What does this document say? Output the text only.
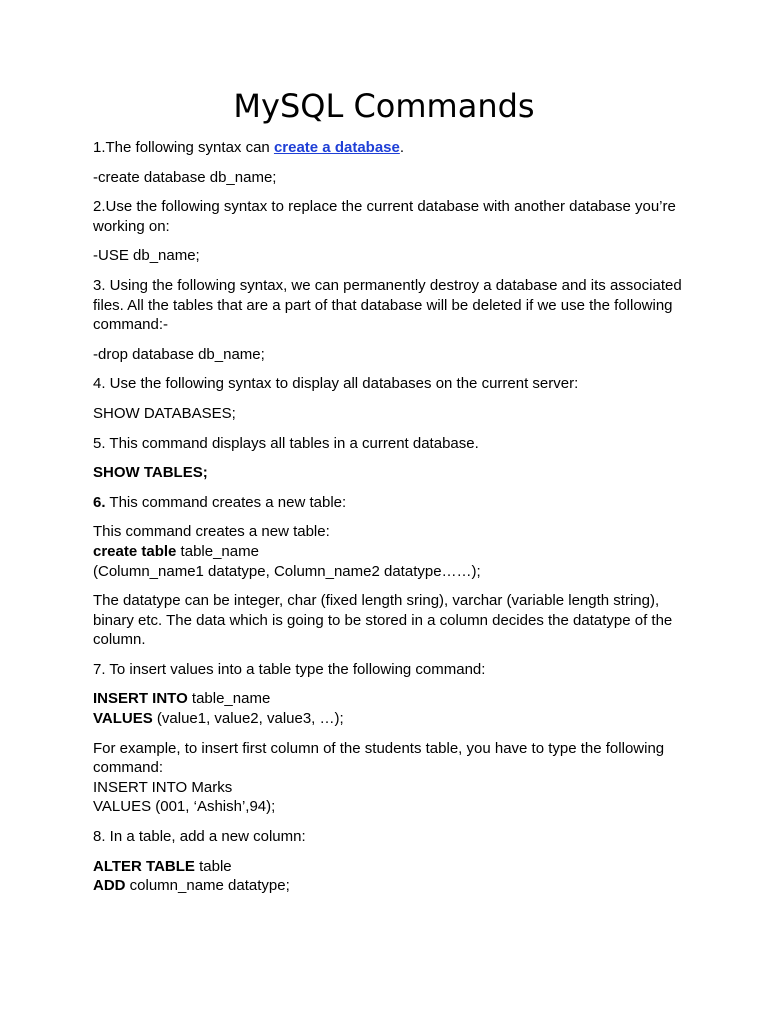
MySQL Commands

1.The following syntax can create a database.

-create database db_name;

2.Use the following syntax to replace the current database with another database you’re working on:

-USE db_name;

3. Using the following syntax, we can permanently destroy a database and its associated files. All the tables that are a part of that database will be deleted if we use the following command:-

-drop database db_name;

4. Use the following syntax to display all databases on the current server:

SHOW DATABASES;

5. This command displays all tables in a current database.

SHOW TABLES;

6. This command creates a new table:

This command creates a new table:
create table table_name
(Column_name1 datatype, Column_name2 datatype……);

The datatype can be integer, char (fixed length sring), varchar (variable length string), binary etc. The data which is going to be stored in a column decides the datatype of the column.

7. To insert values into a table type the following command:

INSERT INTO table_name
VALUES (value1, value2, value3, …);

For example, to insert first column of the students table, you have to type the following command:
INSERT INTO Marks
VALUES (001, ‘Ashish’,94);

8. In a table, add a new column:

ALTER TABLE table
ADD column_name datatype;
